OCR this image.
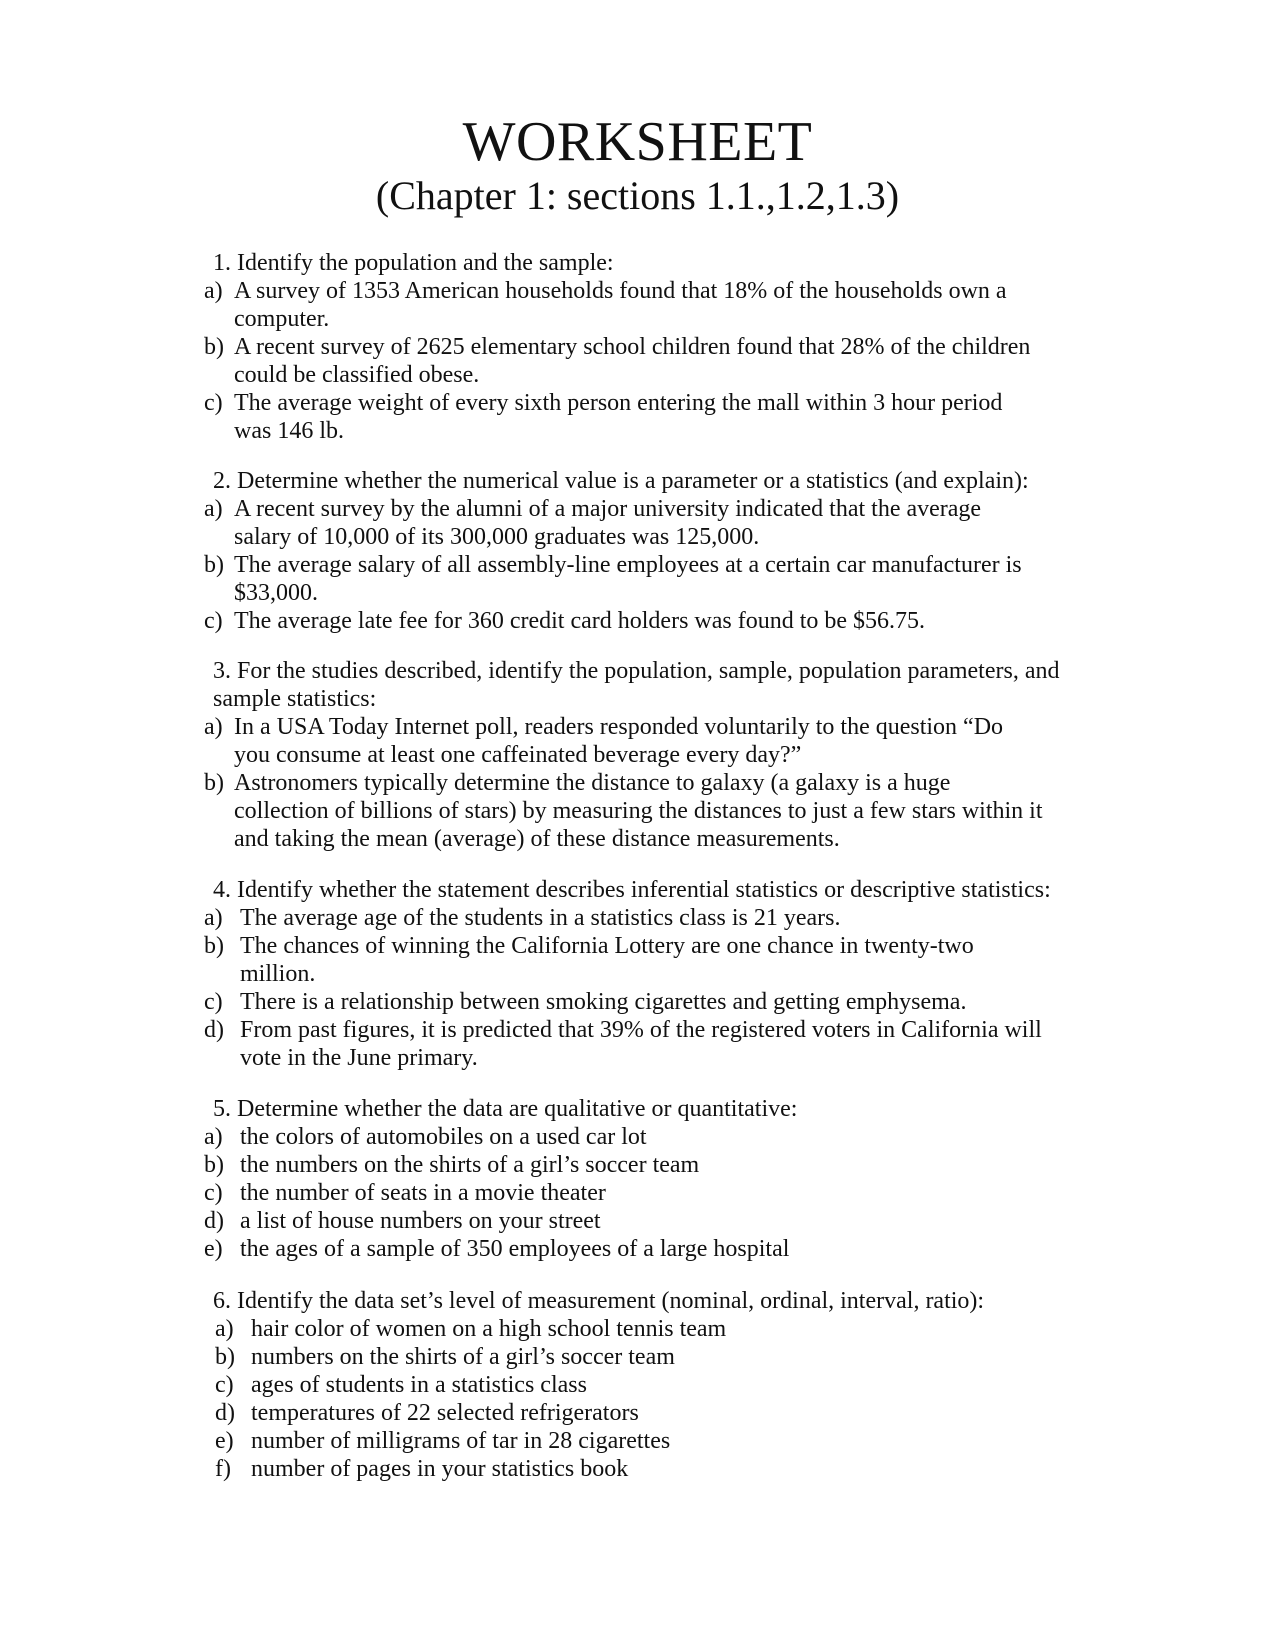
WORKSHEET
(Chapter 1: sections 1.1.,1.2,1.3)
1. Identify the population and the sample:
a) A survey of 1353 American households found that 18% of the households own a
computer.
b) A recent survey of 2625 elementary school children found that 28% of the children
could be classified obese.
c) The average weight of every sixth person entering the mall within 3 hour period
was 146 lb.
2. Determine whether the numerical value is a parameter or a statistics (and explain):
a) A recent survey by the alumni of a major university indicated that the average
salary of 10,000 of its 300,000 graduates was 125,000.
b) The average salary of all assembly-line employees at a certain car manufacturer is
$33,000.
c) The average late fee for 360 credit card holders was found to be $56.75.
3. For the studies described, identify the population, sample, population parameters, and
sample statistics:
a) In a USA Today Internet poll, readers responded voluntarily to the question “Do
you consume at least one caffeinated beverage every day?”
b) Astronomers typically determine the distance to galaxy (a galaxy is a huge
collection of billions of stars) by measuring the distances to just a few stars within it
and taking the mean (average) of these distance measurements.
4. Identify whether the statement describes inferential statistics or descriptive statistics:
a) The average age of the students in a statistics class is 21 years.
b) The chances of winning the California Lottery are one chance in twenty-two
million.
c) There is a relationship between smoking cigarettes and getting emphysema.
d) From past figures, it is predicted that 39% of the registered voters in California will
vote in the June primary.
5. Determine whether the data are qualitative or quantitative:
a) the colors of automobiles on a used car lot
b) the numbers on the shirts of a girl’s soccer team
c) the number of seats in a movie theater
d) a list of house numbers on your street
e) the ages of a sample of 350 employees of a large hospital
6. Identify the data set’s level of measurement (nominal, ordinal, interval, ratio):
a) hair color of women on a high school tennis team
b) numbers on the shirts of a girl’s soccer team
c) ages of students in a statistics class
d) temperatures of 22 selected refrigerators
e) number of milligrams of tar in 28 cigarettes
f) number of pages in your statistics book
